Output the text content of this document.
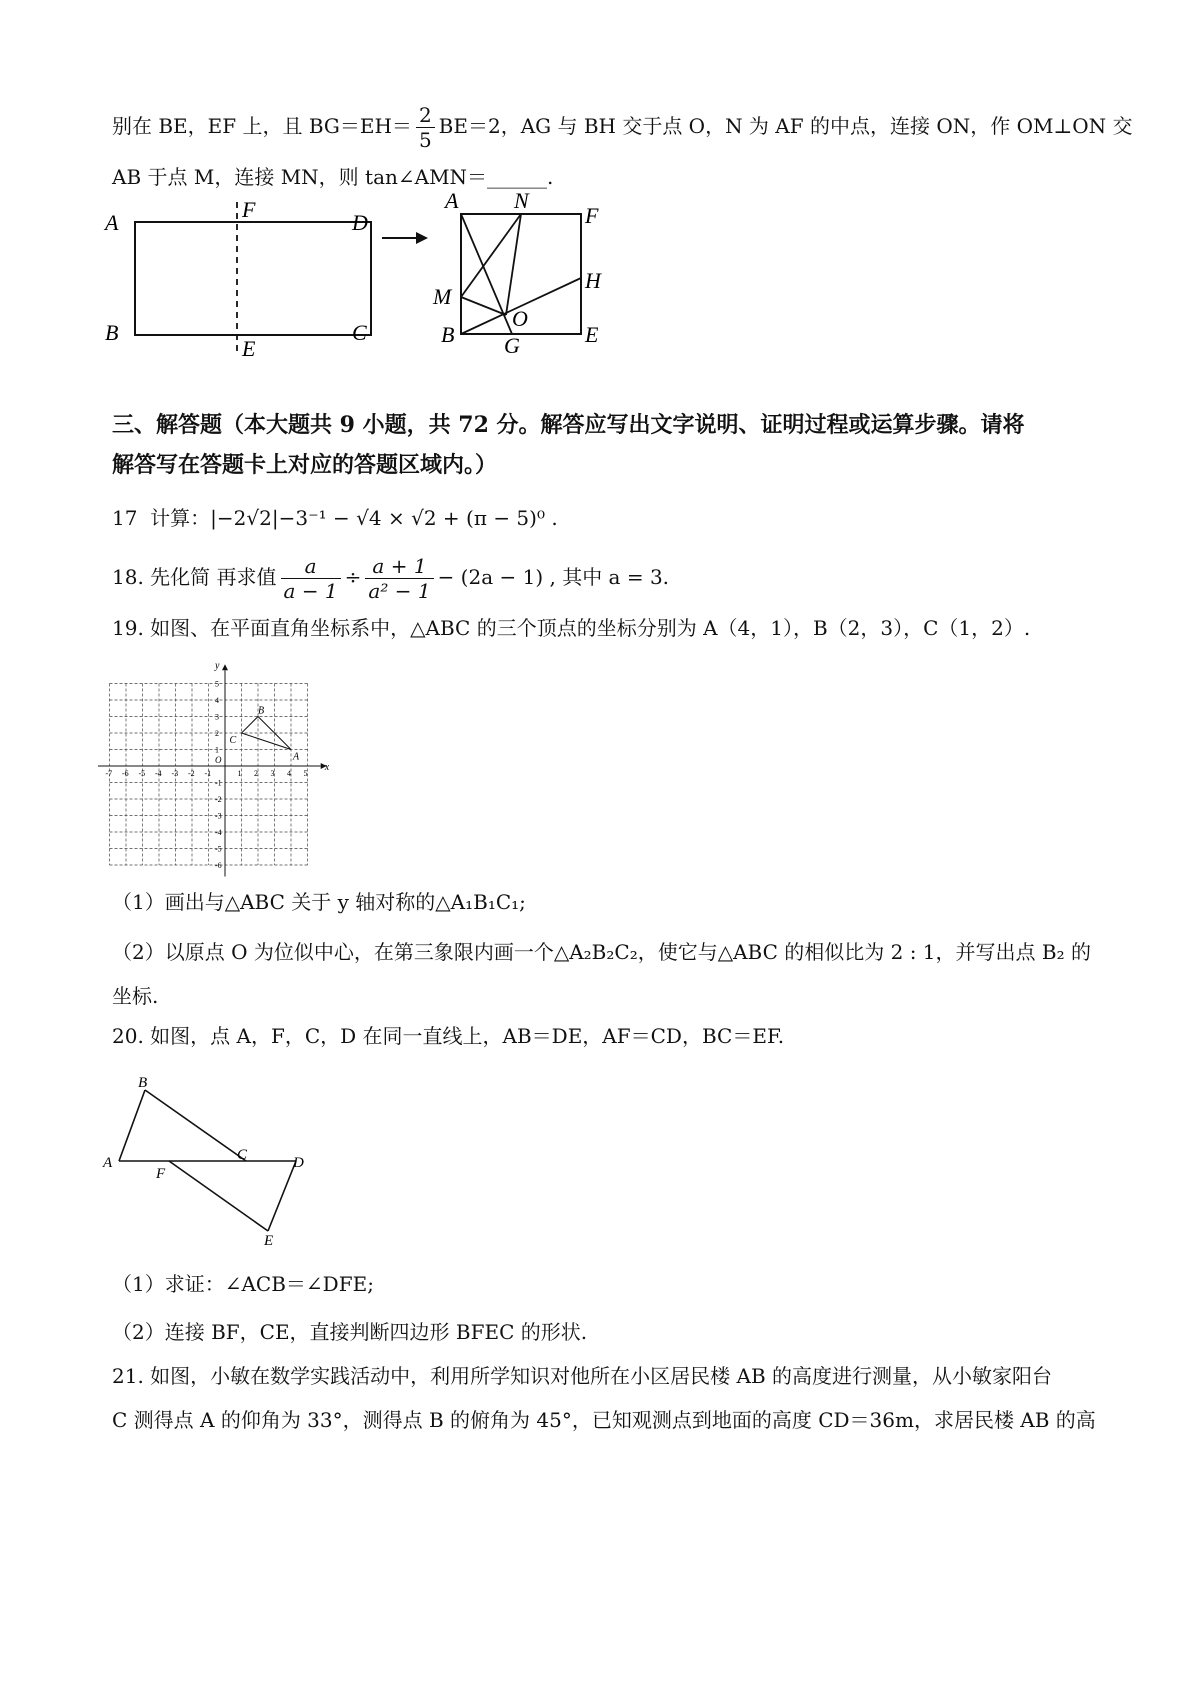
别在 BE，EF 上，且 $BG=EH= \frac{2}{5} BE=2$，AG 与 BH 交于点 O，N 为 AF 的中点，连接 ON，作 OM⊥ON 交
AB 于点 M，连接 MN，则 tan∠AMN＝______.
A
F
D
B
E
C
A	N
F
H
M
O
B G	E
三、解答题（本大题共 9 小题，共 72 分。解答应写出文字说明、证明过程或运算步骤。请将
解答写在答题卡上对应的答题区域内。）
17 计算：|−2√2|−3⁻¹ − √4 × √2 + (π − 5)⁰ .
18. 先化简 再求值 $\frac{a}{a - 1} \div \frac{a + 1}{\text{a² − 1}} - (2a - 1)$ , 其中 a = 3.
19. 如图、在平面直角坐标系中，△ABC 的三个顶点的坐标分别为 A（4，1），B（2，3），C（1，2）.
x
y
O
-7 -6 -5 -4 -3 -2 -1	1 2 3 4 5
5
4
3
2
1
-1
-2
-3
-4
-5
-6
A
B
C
（1）画出与△ABC 关于 y 轴对称的△A₁B₁C₁;
（2）以原点 O 为位似中心，在第三象限内画一个△A₂B₂C₂，使它与△ABC 的相似比为 2 : 1，并写出点 B₂ 的
坐标.
20. 如图，点 A，F，C，D 在同一直线上，AB＝DE，AF＝CD，BC＝EF.
B
A
F
C	D
E
（1）求证：∠ACB＝∠DFE;
（2）连接 BF，CE，直接判断四边形 BFEC 的形状.
21. 如图，小敏在数学实践活动中，利用所学知识对他所在小区居民楼 AB 的高度进行测量，从小敏家阳台
C 测得点 A 的仰角为 33°，测得点 B 的俯角为 45°，已知观测点到地面的高度 CD＝36m，求居民楼 AB 的高
